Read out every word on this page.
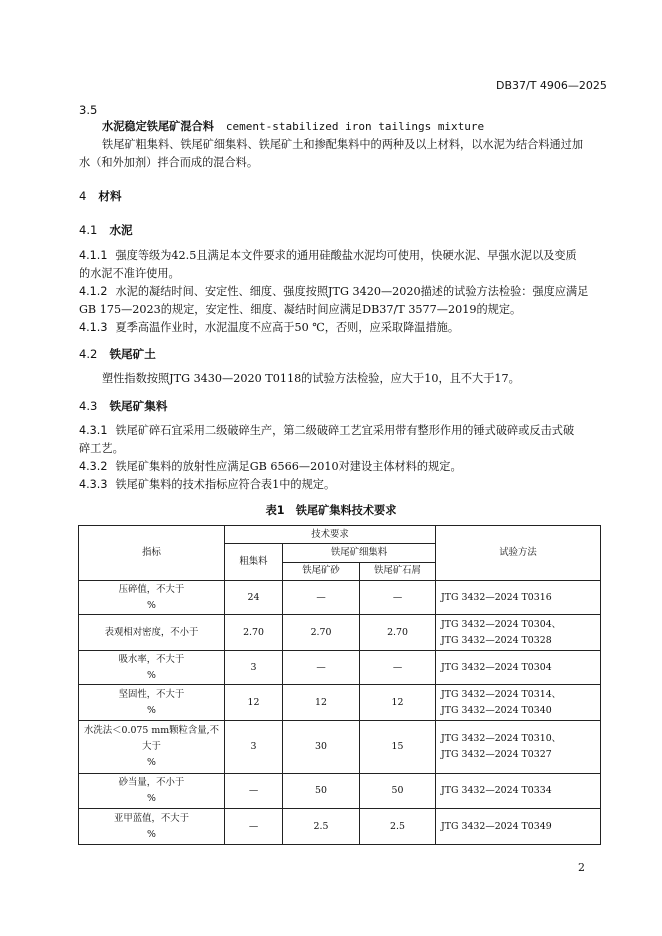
DB37/T 4906—2025
3.5
水泥稳定铁尾矿混合料 cement-stabilized iron tailings mixture
铁尾矿粗集料、铁尾矿细集料、铁尾矿土和掺配集料中的两种及以上材料，以水泥为结合料通过加
水（和外加剂）拌合而成的混合料。
4 材料
4.1 水泥
4.1.1 强度等级为42.5且满足本文件要求的通用硅酸盐水泥均可使用，快硬水泥、早强水泥以及变质
的水泥不准许使用。
4.1.2 水泥的凝结时间、安定性、细度、强度按照JTG 3420—2020描述的试验方法检验：强度应满足
GB 175—2023的规定，安定性、细度、凝结时间应满足DB37/T 3577—2019的规定。
4.1.3 夏季高温作业时，水泥温度不应高于50 ℃，否则，应采取降温措施。
4.2 铁尾矿土
塑性指数按照JTG 3430—2020 T0118的试验方法检验，应大于10，且不大于17。
4.3 铁尾矿集料
4.3.1 铁尾矿碎石宜采用二级破碎生产，第二级破碎工艺宜采用带有整形作用的锤式破碎或反击式破
碎工艺。
4.3.2 铁尾矿集料的放射性应满足GB 6566—2010对建设主体材料的规定。
4.3.3 铁尾矿集料的技术指标应符合表1中的规定。
表1　铁尾矿集料技术要求
指标	技术要求			试验方法
	粗集料	铁尾矿细集料		
		铁尾矿砂	铁尾矿石屑	
压碎值，不大于
%	24	—	—	JTG 3432—2024 T0316
表观相对密度，不小于	2.70	2.70	2.70	JTG 3432—2024 T0304、
JTG 3432—2024 T0328
吸水率，不大于
%	3	—	—	JTG 3432—2024 T0304
坚固性，不大于
%	12	12	12	JTG 3432—2024 T0314、
JTG 3432—2024 T0340
水洗法＜0.075 mm颗粒含量,不
大于
%	3	30	15	JTG 3432—2024 T0310、
JTG 3432—2024 T0327
砂当量，不小于
%	—	50	50	JTG 3432—2024 T0334
亚甲蓝值，不大于
%	—	2.5	2.5	JTG 3432—2024 T0349
2
